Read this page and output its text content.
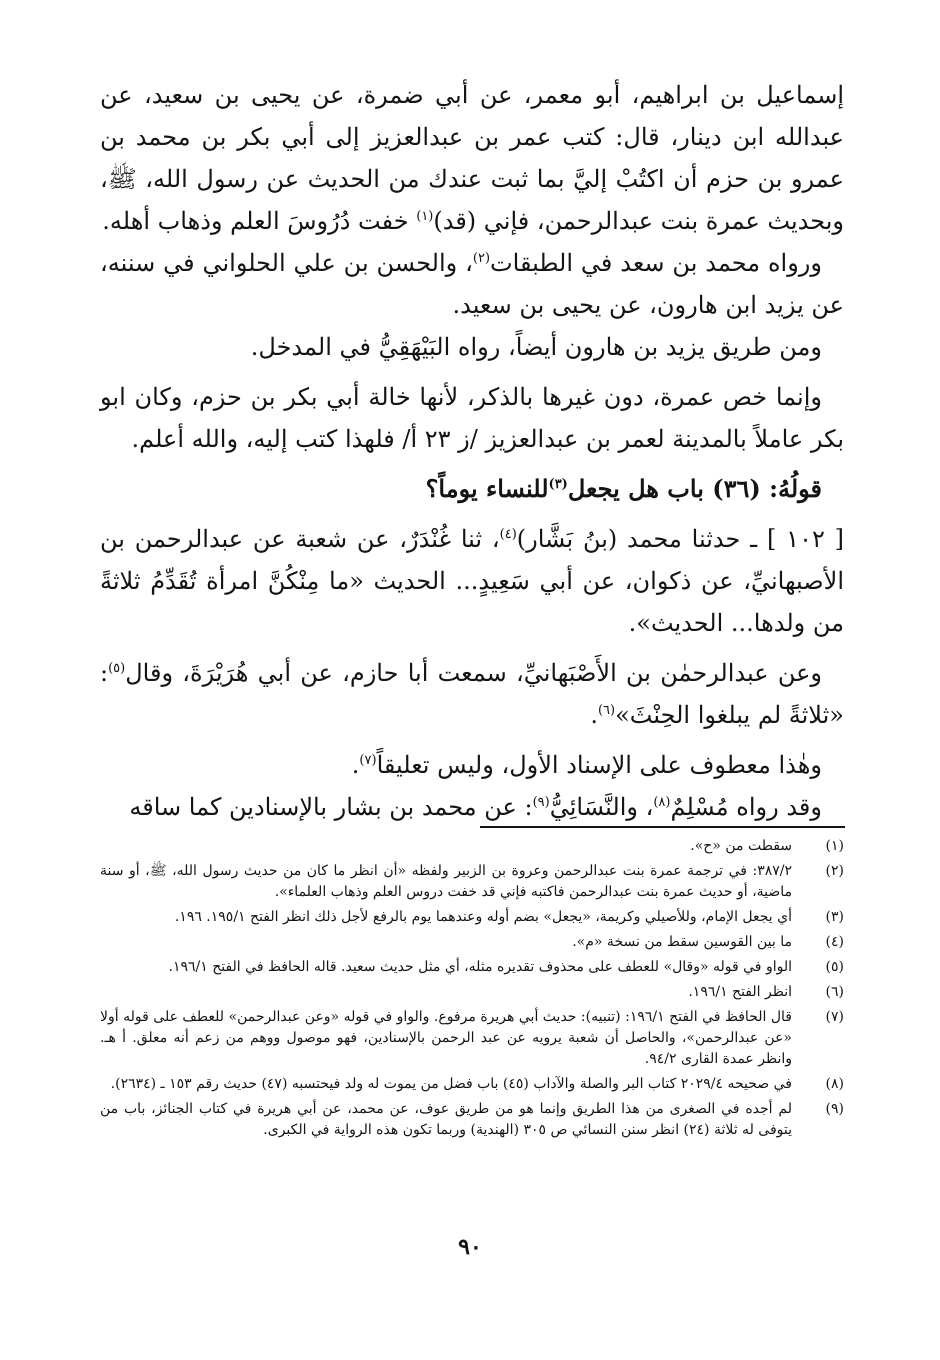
إسماعيل بن ابراهيم، أبو معمر، عن أبي ضمرة، عن يحيى بن سعيد، عن عبدالله ابن دينار، قال: كتب عمر بن عبدالعزيز إلى أبي بكر بن محمد بن عمرو بن حزم أن اكتُبْ إليَّ بما ثبت عندك من الحديث عن رسول الله، ﷺ، وبحديث عمرة بنت عبدالرحمن، فإني (قد)$^{(١)}$ خفت دُرُوسَ العلم وذهاب أهله.

ورواه محمد بن سعد في الطبقات$^{(٢)}$، والحسن بن علي الحلواني في سننه، عن يزيد ابن هارون، عن يحيى بن سعيد.

ومن طريق يزيد بن هارون أيضاً، رواه البَيْهَقِيُّ في المدخل.

وإنما خص عمرة، دون غيرها بالذكر، لأنها خالة أبي بكر بن حزم، وكان ابو بكر عاملاً بالمدينة لعمر بن عبدالعزيز /ز ٢٣ أ/ فلهذا كتب إليه، والله أعلم.

قولُهُ: (٣٦) باب هل يجعل$^{(٣)}$للنساء يوماً؟

[ ١٠٢ ] ـ حدثنا محمد (بنُ بَشَّار)$^{(٤)}$، ثنا غُنْدَرٌ، عن شعبة عن عبدالرحمن بن الأصبهانيِّ، عن ذكوان، عن أبي سَعِيدٍ... الحديث «ما مِنْكُنَّ امرأة تُقَدِّمُ ثلاثةً من ولدها... الحديث».

وعن عبدالرحمٰن بن الأَصْبَهانيِّ، سمعت أبا حازم، عن أبي هُرَيْرَةَ، وقال$^{(٥)}$: «ثلاثةً لم يبلغوا الحِنْثَ»$^{(٦)}$.

وهٰذا معطوف على الإسناد الأول، وليس تعليقاً$^{(٧)}$.

وقد رواه مُسْلِمٌ$^{(٨)}$، والنَّسَائِيُّ$^{(٩)}$: عن محمد بن بشار بالإسنادين كما ساقه

(١)
سقطت من «ح».
(٢)
٣٨٧/٢: في ترجمة عمرة بنت عبدالرحمن وعروة بن الزبير ولفظه «أن انظر ما كان من حديث رسول الله، ﷺ، أو سنة ماضية، أو حديث عمرة بنت عبدالرحمن فاكتبه فإني قد خفت دروس العلم وذهاب العلماء».
(٣)
أي يجعل الإمام، وللأصيلي وكريمة، «يجعل» بضم أوله وعندهما يوم بالرفع لأجل ذلك انظر الفتح ١٩٥/١. ١٩٦.
(٤)
ما بين القوسين سقط من نسخة «م».
(٥)
الواو في قوله «وقال» للعطف على محذوف تقديره مثله، أي مثل حديث سعيد. قاله الحافظ في الفتح ١٩٦/١.
(٦)
انظر الفتح ١٩٦/١.
(٧)
قال الحافظ في الفتح ١٩٦/١: (تنبيه): حديث أبي هريرة مرفوع. والواو في قوله «وعن عبدالرحمن» للعطف على قوله أولا «عن عبدالرحمن»، والحاصل أن شعبة يرويه عن عبد الرحمن بالإسنادين، فهو موصول ووهم من زعم أنه معلق. أ هـ. وانظر عمدة القارى ٩٤/٢.
(٨)
في صحيحه ٢٠٢٩/٤ كتاب البر والصلة والآداب (٤٥) باب فضل من يموت له ولد فيحتسبه (٤٧) حديث رقم ١٥٣ ـ (٢٦٣٤).
(٩)
لم أجده في الصغرى من هذا الطريق وإنما هو من طريق عوف، عن محمد، عن أبي هريرة في كتاب الجنائز، باب من يتوفى له ثلاثة (٢٤) انظر سنن النسائي ص ٣٠٥ (الهندية) وربما تكون هذه الرواية في الكبرى.
٩٠
